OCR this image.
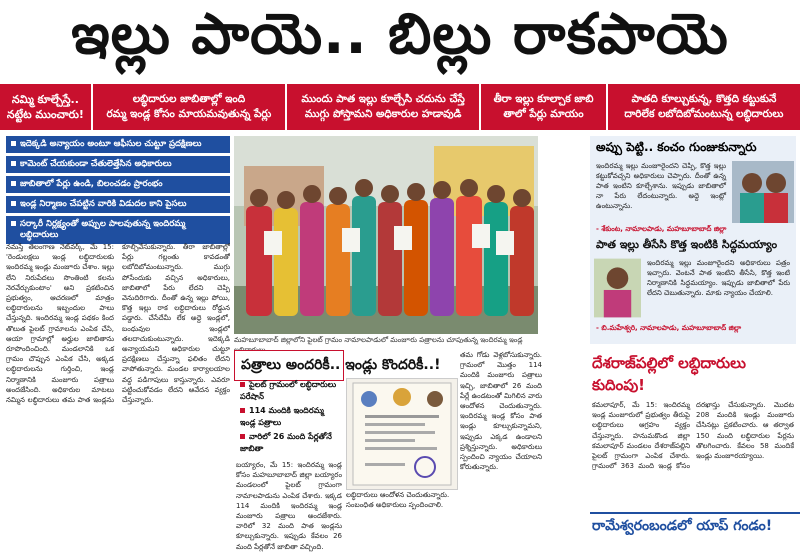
ఇల్లు పాయె.. బిల్లు రాకపాయె
నమ్మి కూల్చేస్తే..
నట్టేట ముంచారు!
లబ్ధిదారుల జాబితాల్లో ఇంది
రమ్మ ఇండ్ల కోసం మాయమవుతున్న పేర్లు
ముందు పాత ఇల్లు కూల్చేసి చదును చేస్తే
ముగ్గు పోస్తామని అధికారుల హడావుడి
తీరా ఇల్లు కూల్చాక జాబి
తాలో పేర్లు మాయం
పాతది కూల్చుకున్న, కొత్తది కట్టుకునే
దారిలేక లబోదిబోమంటున్న లబ్ధిదారులు
ఇదెక్కడి అన్యాయం అంటూ ఆఫీసుల చుట్టూ ప్రదక్షిణలు
కామెంట్‌ చేయకుండా చేతులెత్తేసిన అధికారులు
జాబితాలో పేర్లు ఉండి, బిలంచడం ప్రారంభం
ఇండ్ల నిర్మాణం చేపట్టిన వారికి విడుదల కాని పైసలు
సర్కారీ నిర్లక్ష్యంతో అప్పుల పాలవుతున్న ఇందిరమ్మ లబ్ధిదారులు
నమస్తే తెలంగాణ నెట్‌వర్క్‌, మే 15: 'రెండులక్షలు ఇండ్ల లబ్ధిదారులకు ఇందిరమ్మ ఇండ్లు మంజూరు చేశాం. ఇల్లు లేని నిరుపేదలు సొంతింటి కలను నెరవేర్చుకుంటాం' అని ప్రకటించిన ప్రభుత్వం, ఆచరణలో మాత్రం లబ్ధిదారులను ఇబ్బందుల పాలు చేస్తున్నది. ఇందిరమ్మ ఇండ్ల పథకం కింద తొలుత పైలట్‌ గ్రామాలను ఎంపిక చేసి, ఆయా గ్రామాల్లో అర్హుల జాబితాను రూపొందించింది. మండలానికి ఒక గ్రామం చొప్పున ఎంపిక చేసి, అక్కడ లబ్ధిదారులను గుర్తించి, ఇండ్ల నిర్మాణానికి మంజూరు పత్రాలు అందజేసింది. అధికారుల మాటలు నమ్మిన లబ్ధిదారులు తమ పాత ఇండ్లను కూల్చివేసుకున్నారు. తీరా జాబితాల్లో పేర్లు గల్లంతు కావడంతో లబోదిబోమంటున్నారు. ముగ్గు పోసేందుకు వచ్చిన అధికారులు, జాబితాలో పేరు లేదని చెప్పి వెనుదిరిగారు. దీంతో ఉన్న ఇల్లు పోయి, కొత్త ఇల్లు రాక లబ్ధిదారులు రోడ్డున పడ్డారు. చేసేదేమీ లేక అద్దె ఇండ్లలో, బంధువుల ఇండ్లలో తలదాచుకుంటున్నారు. ఇదెక్కడి అన్యాయమని అధికారుల చుట్టూ ప్రదక్షిణలు చేస్తున్నా ఫలితం లేదని వాపోతున్నారు. మండల కార్యాలయాల వద్ద పడిగాపులు కాస్తున్నారు. ఎవరూ పట్టించుకోవడం లేదని ఆవేదన వ్యక్తం చేస్తున్నారు.
మహబూబాబాద్‌ జిల్లాలోని పైలట్‌ గ్రామం నామాలపాడులో మంజూరు పత్రాలను చూపుతున్న ఇందిరమ్మ ఇండ్ల
పత్రాలు అందరికీ.. ఇండ్లు కొందరికీ..!
పైలట్‌ గ్రామంలో లబ్ధిదారులు పరేషాన్‌
114 మందికి ఇందిరమ్మ ఇండ్ల పత్రాలు
వారిలో 26 మంది పేర్లతోనే జాబితా
బయ్యారం, మే 15: ఇందిరమ్మ ఇండ్ల కోసం మహబూబాబాద్‌ జిల్లా బయ్యారం మండలంలో పైలట్‌ గ్రామంగా నామాలపాడును ఎంపిక చేశారు. ఇక్కడ 114 మందికి ఇందిరమ్మ ఇండ్ల మంజూరు పత్రాలు అందజేశారు. వారిలో 32 మంది పాత ఇండ్లను కూల్చుకున్నారు. ఇప్పుడు కేవలం 26 మంది పేర్లతోనే జాబితా వచ్చింది.
లబ్ధిదారులు ఆందోళన చెందుతున్నారు. సంబంధిత అధికారులు స్పందించాలి.
తమ గోడు వెళ్లబోసుకున్నారు. గ్రామంలో మొత్తం 114 మందికి మంజూరు పత్రాలు ఇచ్చి, జాబితాలో 26 మంది పేర్లే ఉండటంతో మిగిలిన వారు ఆందోళన చెందుతున్నారు. ఇందిరమ్మ ఇండ్ల కోసం పాత ఇండ్లు కూల్చుకున్నామని, ఇప్పుడు ఎక్కడ ఉండాలని ప్రశ్నిస్తున్నారు. అధికారులు స్పందించి న్యాయం చేయాలని కోరుతున్నారు.
అప్పు పెట్టి.. కంచం గుంజుకున్నారు
ఇందిరమ్మ ఇల్లు మంజూరైందని చెప్పి, కొత్త ఇల్లు కట్టుకోవచ్చని అధికారులు చెప్పారు. దీంతో ఉన్న పాత ఇంటిని కూల్చేశాను. ఇప్పుడు జాబితాలో నా పేరు లేదంటున్నారు. అద్దె ఇంట్లో ఉంటున్నాను.
- శేకుంట, నామాలపాడు, మహబూబాబాద్‌ జిల్లా
పాత ఇల్లు తీసేసి కొత్త ఇంటికి సిద్ధమయ్యాం
ఇందిరమ్మ ఇల్లు మంజూరైందని అధికారులు పత్రం ఇచ్చారు. వెంటనే పాత ఇంటిని తీసేసి, కొత్త ఇంటి నిర్మాణానికి సిద్ధమయ్యాం. ఇప్పుడు జాబితాలో పేరు లేదని చెబుతున్నారు. మాకు న్యాయం చేయాలి.
- బి.మహేశ్వరి, నామాలపాడు, మహబూబాబాద్‌ జిల్లా
దేశరాజ్‌పల్లిలో లబ్ధిదారులు కుదింపు!
కమలాపూర్‌, మే 15: ఇందిరమ్మ ఇండ్ల మంజూరులో ప్రభుత్వం తీరుపై లబ్ధిదారులు ఆగ్రహం వ్యక్తం చేస్తున్నారు. హనుమకొండ జిల్లా కమలాపూర్‌ మండలం దేశరాజ్‌పల్లిని పైలట్‌ గ్రామంగా ఎంపిక చేశారు. గ్రామంలో 363 మంది ఇండ్ల కోసం దరఖాస్తు చేసుకున్నారు. మొదట 208 మందికి ఇండ్లు మంజూరు చేసినట్లు ప్రకటించారు. ఆ తర్వాత 150 మంది లబ్ధిదారుల పేర్లను తొలగించారు. కేవలం 58 మందికే ఇండ్లు మంజూరయ్యాయి.
రామేశ్వరంబండలో యాప్‌ గండం!
